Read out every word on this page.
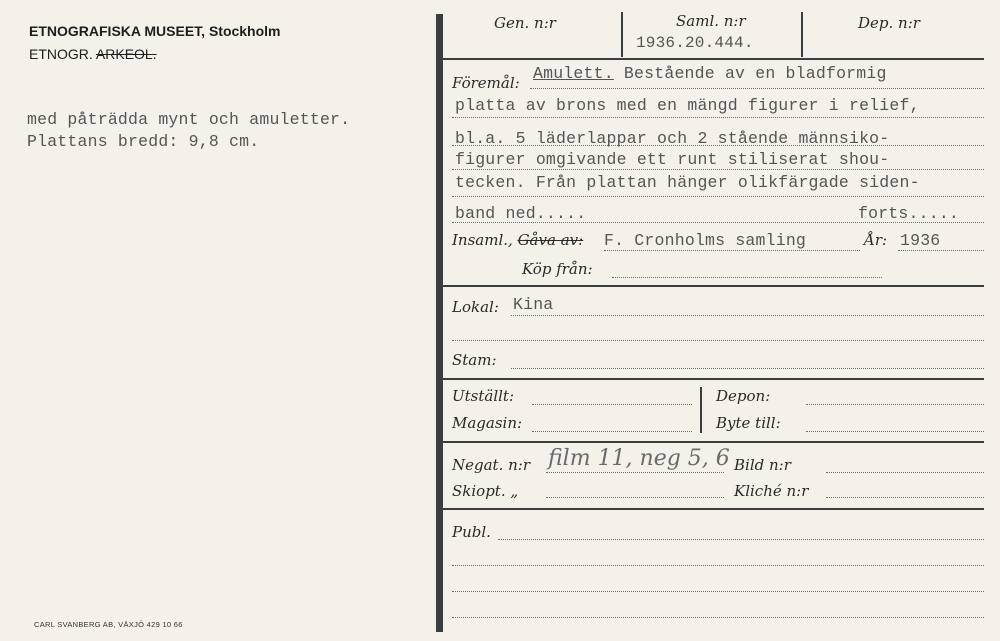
ETNOGRAFISKA MUSEET, Stockholm
ETNOGR. ARKEOL.
med påträdda mynt och amuletter.
Plattans bredd: 9,8 cm.
CARL SVANBERG AB, VÄXJÖ 429 10 66
Gen. n:r	Saml. n:r
1936.20.444.
Dep. n:r
Föremål: Amulett. Bestående av en bladformig
platta av brons med en mängd figurer i relief,
bl.a. 5 läderlappar och 2 stående männsiko-
figurer omgivande ett runt stiliserat shou-
tecken. Från plattan hänger olikfärgade siden-
band ned.....	forts.....
Insaml., Gåva av: F. Cronholms samling	År: 1936
Köp från:
Lokal: Kina
Stam:
Utställt:
Magasin:
Depon:
Byte till:
Negat. n:r film 11, neg 5, 6 Bild n:r
Skiopt. „	Kliché n:r
Publ.
